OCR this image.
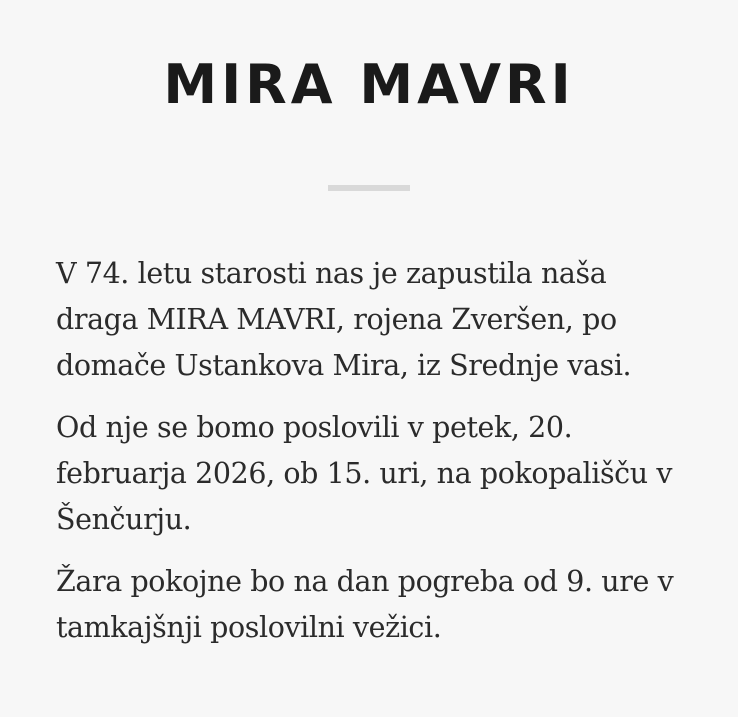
MIRA MAVRI

V 74. letu starosti nas je zapustila naša draga MIRA MAVRI, rojena Zveršen, po domače Ustankova Mira, iz Srednje vasi.

Od nje se bomo poslovili v petek, 20. februarja 2026, ob 15. uri, na pokopališču v Šenčurju.

Žara pokojne bo na dan pogreba od 9. ure v tamkajšnji poslovilni vežici.
